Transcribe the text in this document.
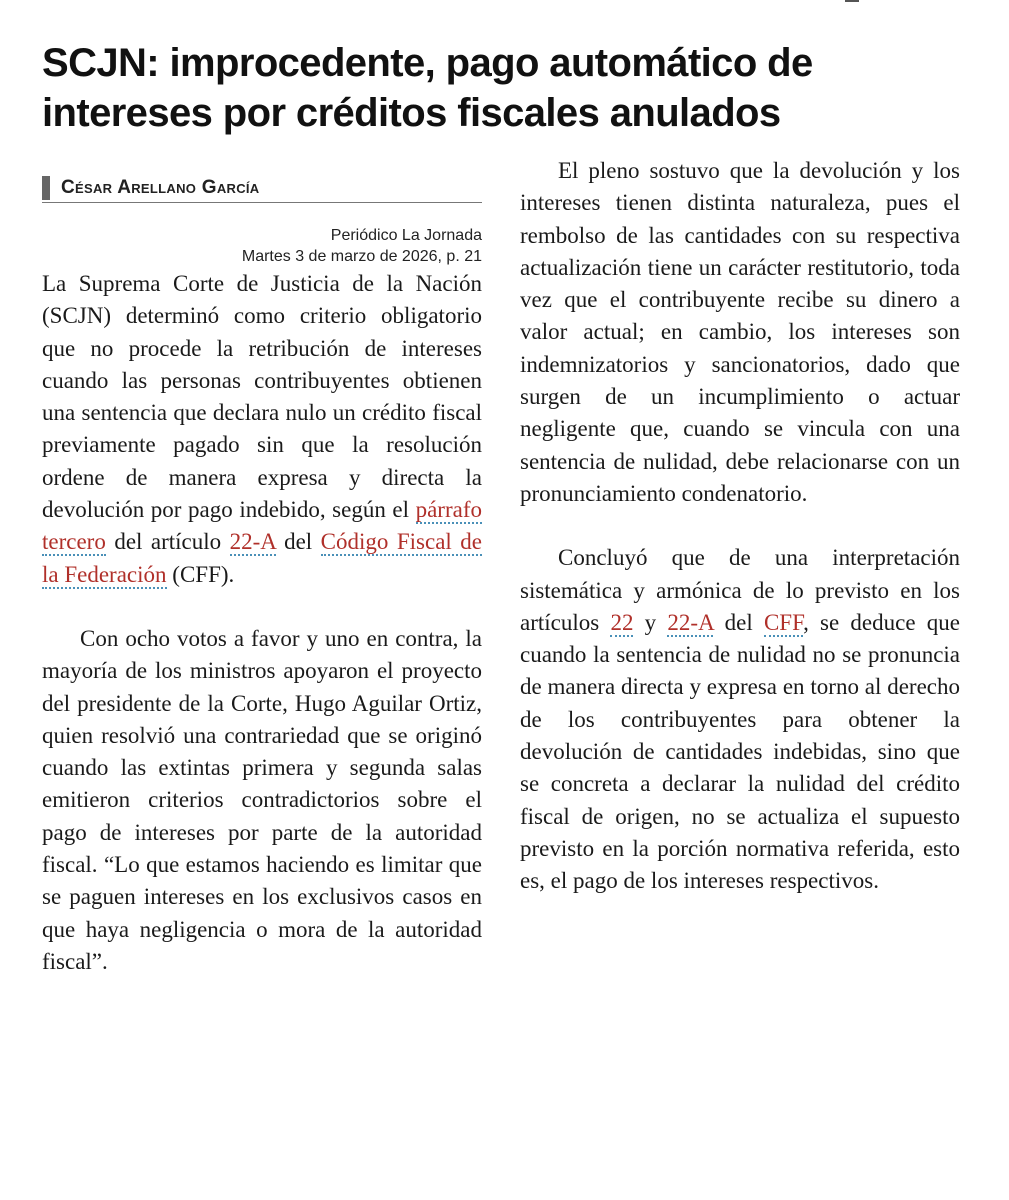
SCJN: improcedente, pago automático de intereses por créditos fiscales anulados
César Arellano García
Periódico La Jornada
Martes 3 de marzo de 2026, p. 21

La Suprema Corte de Justicia de la Nación (SCJN) determinó como criterio obligatorio que no procede la retribución de intereses cuando las personas contribuyentes obtienen una sentencia que declara nulo un crédito fiscal previamente pagado sin que la resolución ordene de manera expresa y directa la devolución por pago indebido, según el párrafo tercero del artículo 22-A del Código Fiscal de la Federación (CFF).

Con ocho votos a favor y uno en contra, la mayoría de los ministros apoyaron el proyecto del presidente de la Corte, Hugo Aguilar Ortiz, quien resolvió una contrariedad que se originó cuando las extintas primera y segunda salas emitieron criterios contradictorios sobre el pago de intereses por parte de la autoridad fiscal. “Lo que estamos haciendo es limitar que se paguen intereses en los exclusivos casos en que haya negligencia o mora de la autoridad fiscal”.

El pleno sostuvo que la devolución y los intereses tienen distinta naturaleza, pues el rembolso de las cantidades con su respectiva actualización tiene un carácter restitutorio, toda vez que el contribuyente recibe su dinero a valor actual; en cambio, los intereses son indemnizatorios y sancionatorios, dado que surgen de un incumplimiento o actuar negligente que, cuando se vincula con una sentencia de nulidad, debe relacionarse con un pronunciamiento condenatorio.

Concluyó que de una interpretación sistemática y armónica de lo previsto en los artículos 22 y 22-A del CFF, se deduce que cuando la sentencia de nulidad no se pronuncia de manera directa y expresa en torno al derecho de los contribuyentes para obtener la devolución de cantidades indebidas, sino que se concreta a declarar la nulidad del crédito fiscal de origen, no se actualiza el supuesto previsto en la porción normativa referida, esto es, el pago de los intereses respectivos.
